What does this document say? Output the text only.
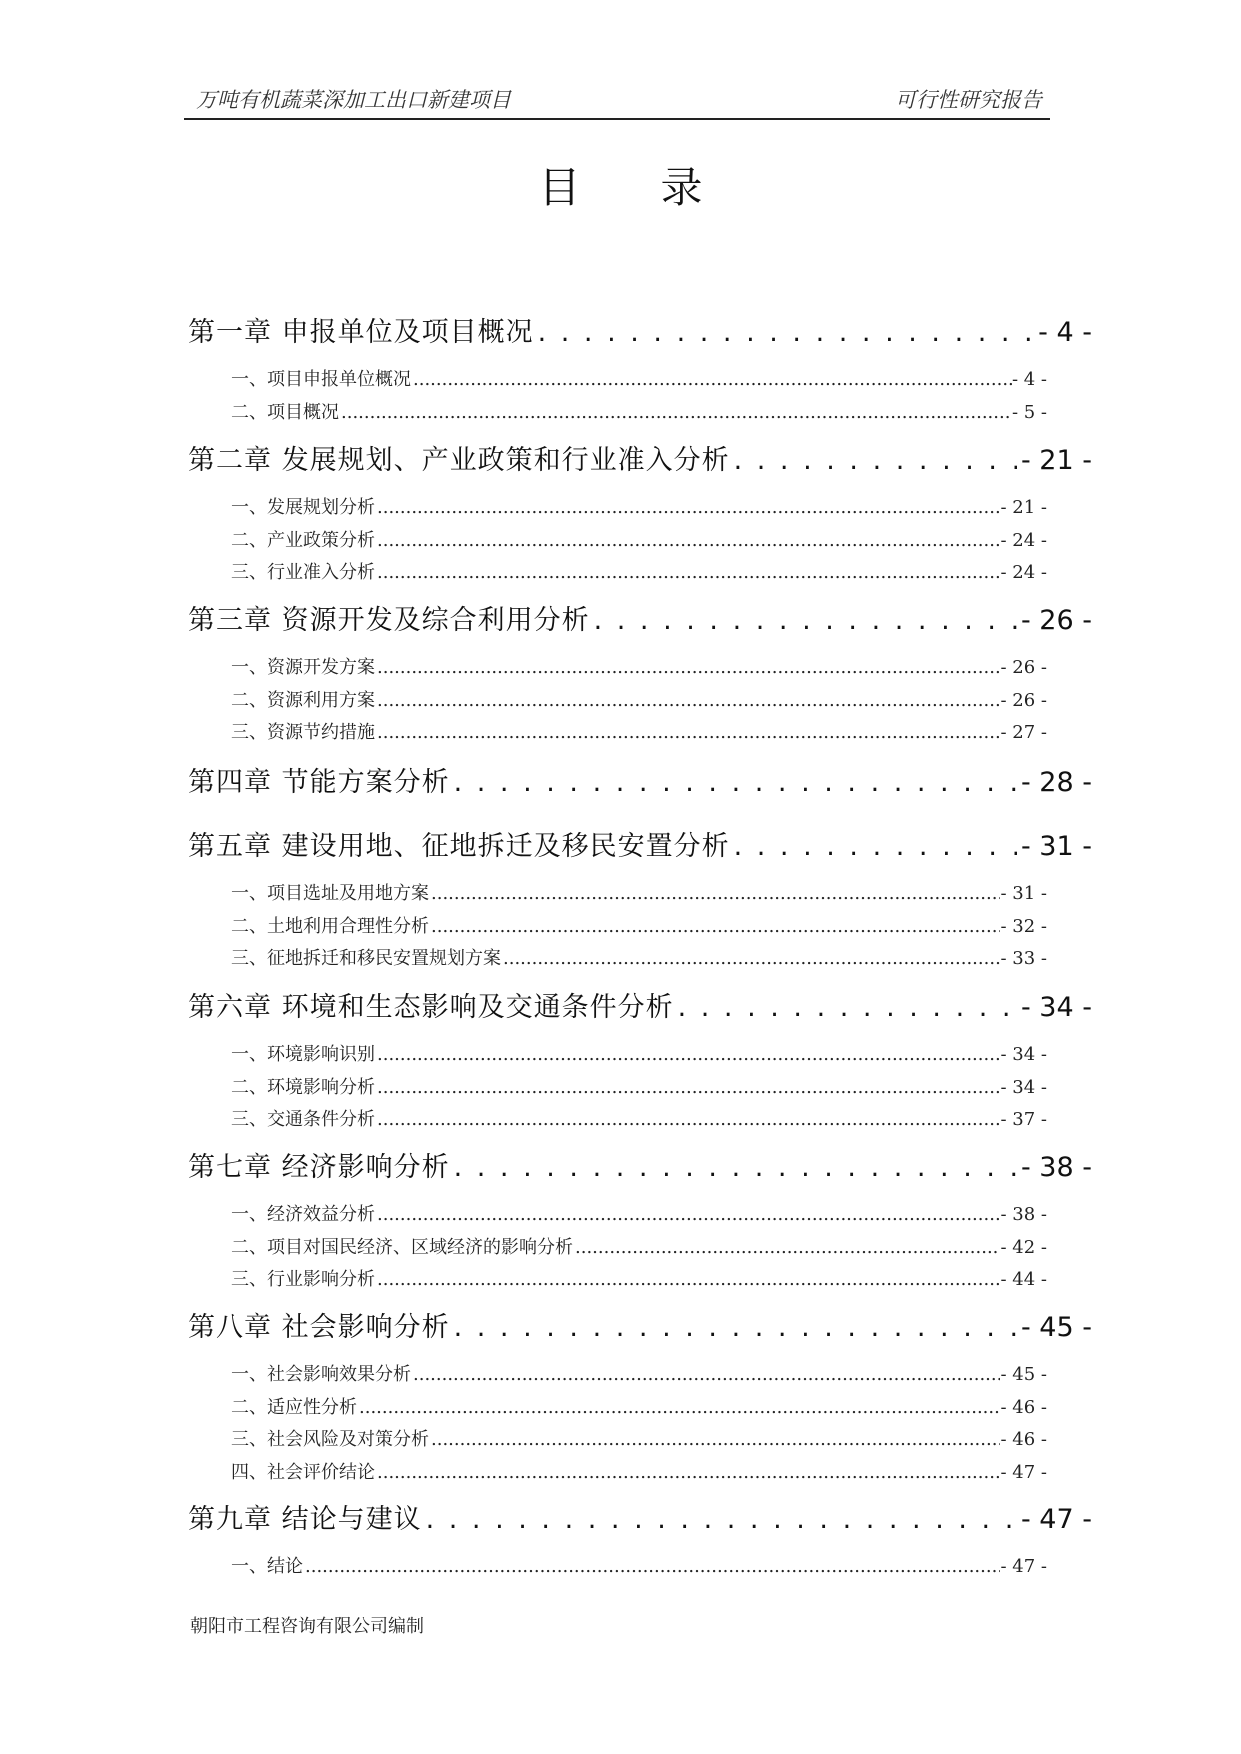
万吨有机蔬菜深加工出口新建项目	可行性研究报告
目录
第一章 申报单位及项目概况 . . .	- 4 -
一、项目申报单位概况 .....	- 4 -
二、项目概况 .....	- 5 -
第二章 发展规划、产业政策和行业准入分析 . . .	- 21 -
一、发展规划分析 .....	- 21 -
二、产业政策分析 .....	- 24 -
三、行业准入分析 .....	- 24 -
第三章 资源开发及综合利用分析 . . .	- 26 -
一、资源开发方案 .....	- 26 -
二、资源利用方案 .....	- 26 -
三、资源节约措施 .....	- 27 -
第四章 节能方案分析 . . .	- 28 -
第五章 建设用地、征地拆迁及移民安置分析 . . .	- 31 -
一、项目选址及用地方案 .....	- 31 -
二、土地利用合理性分析 .....	- 32 -
三、征地拆迁和移民安置规划方案 .....	- 33 -
第六章 环境和生态影响及交通条件分析 . . .	- 34 -
一、环境影响识别 .....	- 34 -
二、环境影响分析 .....	- 34 -
三、交通条件分析 .....	- 37 -
第七章 经济影响分析 . . .	- 38 -
一、经济效益分析 .....	- 38 -
二、项目对国民经济、区域经济的影响分析 .....	- 42 -
三、行业影响分析 .....	- 44 -
第八章 社会影响分析 . . .	- 45 -
一、社会影响效果分析 .....	- 45 -
二、适应性分析 .....	- 46 -
三、社会风险及对策分析 .....	- 46 -
四、社会评价结论 .....	- 47 -
第九章 结论与建议 . . .	- 47 -
一、结论 .....	- 47 -
朝阳市工程咨询有限公司编制
